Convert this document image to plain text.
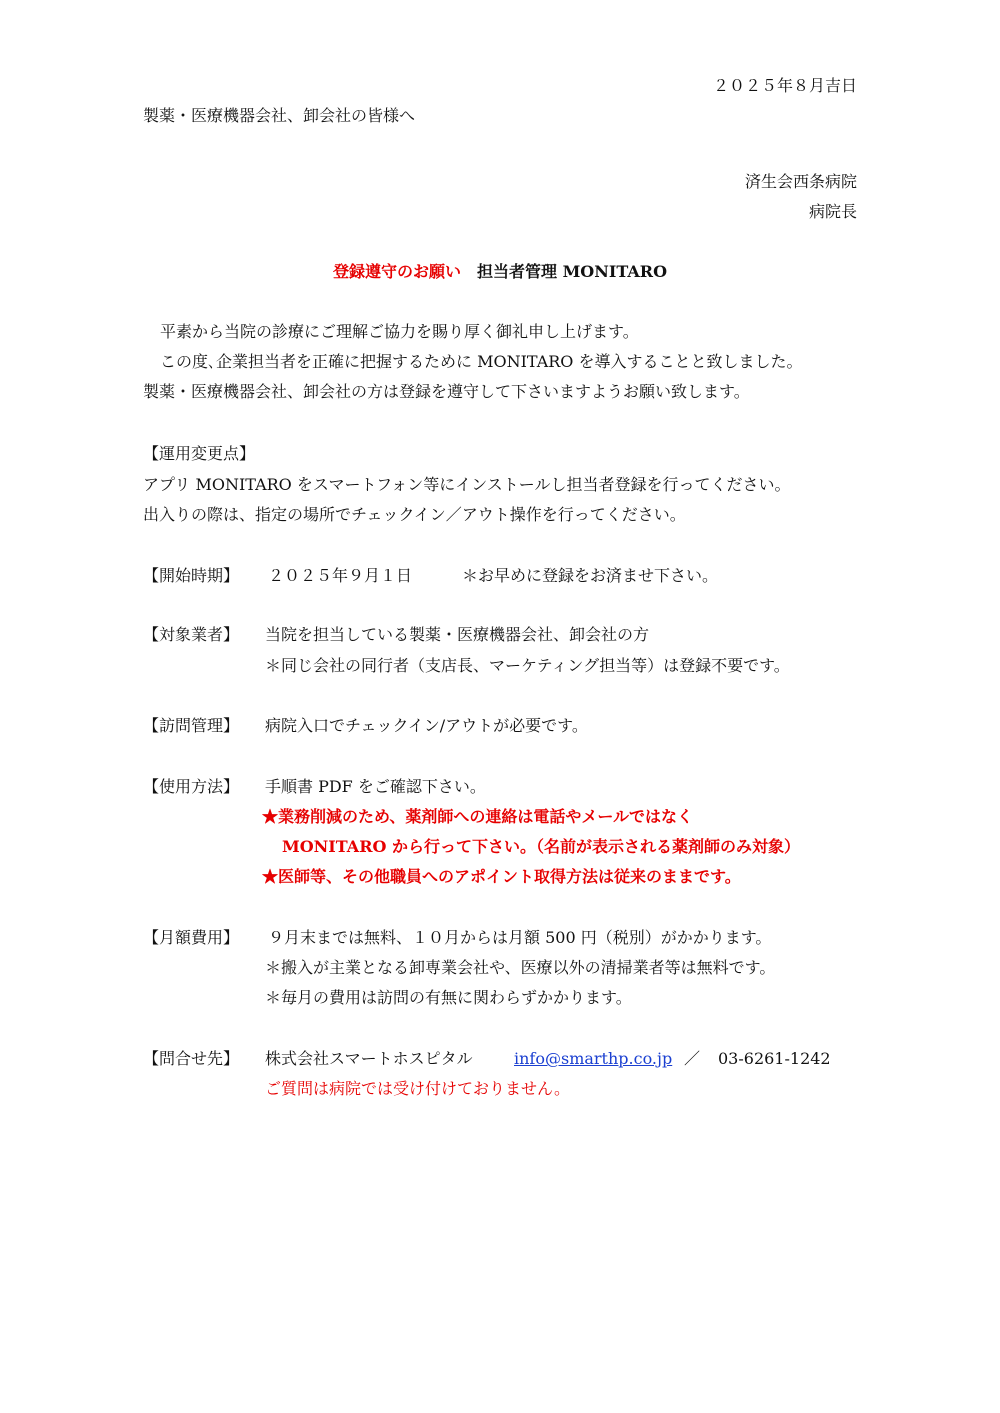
２０２５年８月吉日
製薬・医療機器会社、卸会社の皆様へ
済生会西条病院
病院長
登録遵守のお願い　 担当者管理 MONITARO
平素から当院の診療にご理解ご協力を賜り厚く御礼申し上げます。
この度､企業担当者を正確に把握するために MONITARO を導入することと致しました。
製薬・医療機器会社、卸会社の方は登録を遵守して下さいますようお願い致します。
【運用変更点】
アプリ MONITARO をスマートフォン等にインストールし担当者登録を行ってください。
出入りの際は、指定の場所でチェックイン／アウト操作を行ってください。
【開始時期】 ２０２５年９月１日	＊お早めに登録をお済ませ下さい。
【対象業者】 当院を担当している製薬・医療機器会社、卸会社の方
＊同じ会社の同行者（支店長、マーケティング担当等）は登録不要です。
【訪問管理】 病院入口でチェックイン/アウトが必要です。
【使用方法】 手順書 PDF をご確認下さい。
★業務削減のため、薬剤師への連絡は電話やメールではなく
MONITARO から行って下さい。（名前が表示される薬剤師のみ対象）
★医師等、その他職員へのアポイント取得方法は従来のままです。
【月額費用】 ９月末までは無料、１０月からは月額 500 円（税別）がかかります。
＊搬入が主業となる卸専業会社や、医療以外の清掃業者等は無料です。
＊毎月の費用は訪問の有無に関わらずかかります。
【問合せ先】 株式会社スマートホスピタル	info@smarthp.co.jp ／ 03-6261-1242
ご質問は病院では受け付けておりません。
